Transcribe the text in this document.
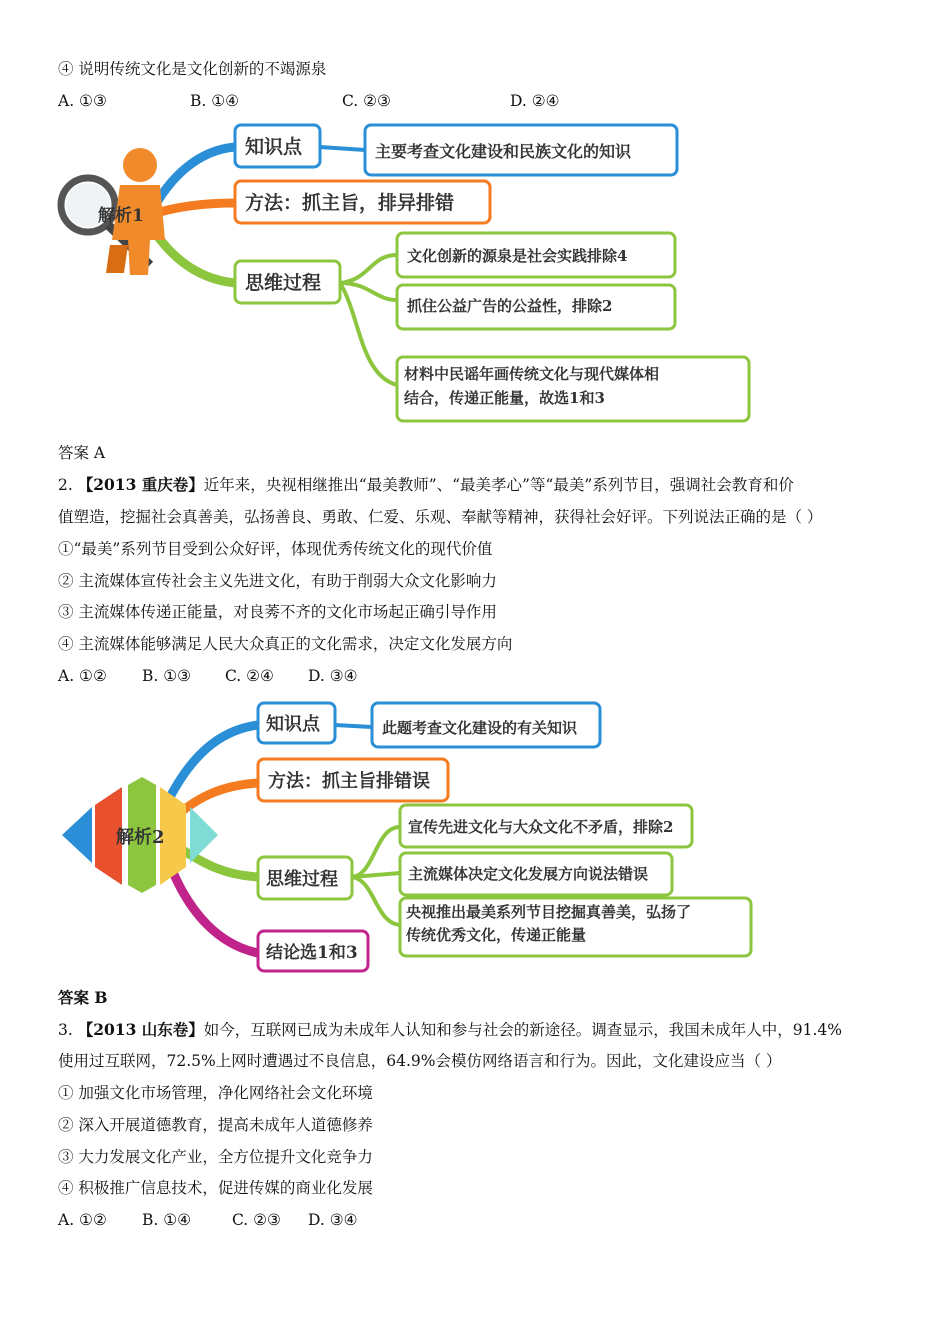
④ 说明传统文化是文化创新的不竭源泉
A. ①③	B. ①④	C. ②③	D. ②④
解析1
知识点	主要考查文化建设和民族文化的知识
方法：抓主旨，排异排错
思维过程
文化创新的源泉是社会实践排除4
抓住公益广告的公益性，排除2
材料中民谣年画传统文化与现代媒体相
结合，传递正能量，故选1和3
答案 A
2. 【2013 重庆卷】近年来，央视相继推出“最美教师”、“最美孝心”等“最美”系列节目，强调社会教育和价
值塑造，挖掘社会真善美，弘扬善良、勇敢、仁爱、乐观、奉献等精神，获得社会好评。下列说法正确的是（ ）
①“最美”系列节目受到公众好评，体现优秀传统文化的现代价值
② 主流媒体宣传社会主义先进文化，有助于削弱大众文化影响力
③ 主流媒体传递正能量，对良莠不齐的文化市场起正确引导作用
④ 主流媒体能够满足人民大众真正的文化需求，决定文化发展方向
A. ①② B. ①③ C. ②④ D. ③④
解析2
知识点	此题考查文化建设的有关知识
方法：抓主旨排错误
思维过程
宣传先进文化与大众文化不矛盾，排除2
主流媒体决定文化发展方向说法错误
央视推出最美系列节目挖掘真善美，弘扬了
传统优秀文化，传递正能量
结论选1和3
答案 B
3. 【2013 山东卷】如今，互联网已成为未成年人认知和参与社会的新途径。调查显示，我国未成年人中，91.4%
使用过互联网，72.5%上网时遭遇过不良信息，64.9%会模仿网络语言和行为。因此，文化建设应当（ ）
① 加强文化市场管理，净化网络社会文化环境
② 深入开展道德教育，提高未成年人道德修养
③ 大力发展文化产业，全方位提升文化竞争力
④ 积极推广信息技术，促进传媒的商业化发展
A. ①② B. ①④	C. ②③ D. ③④
